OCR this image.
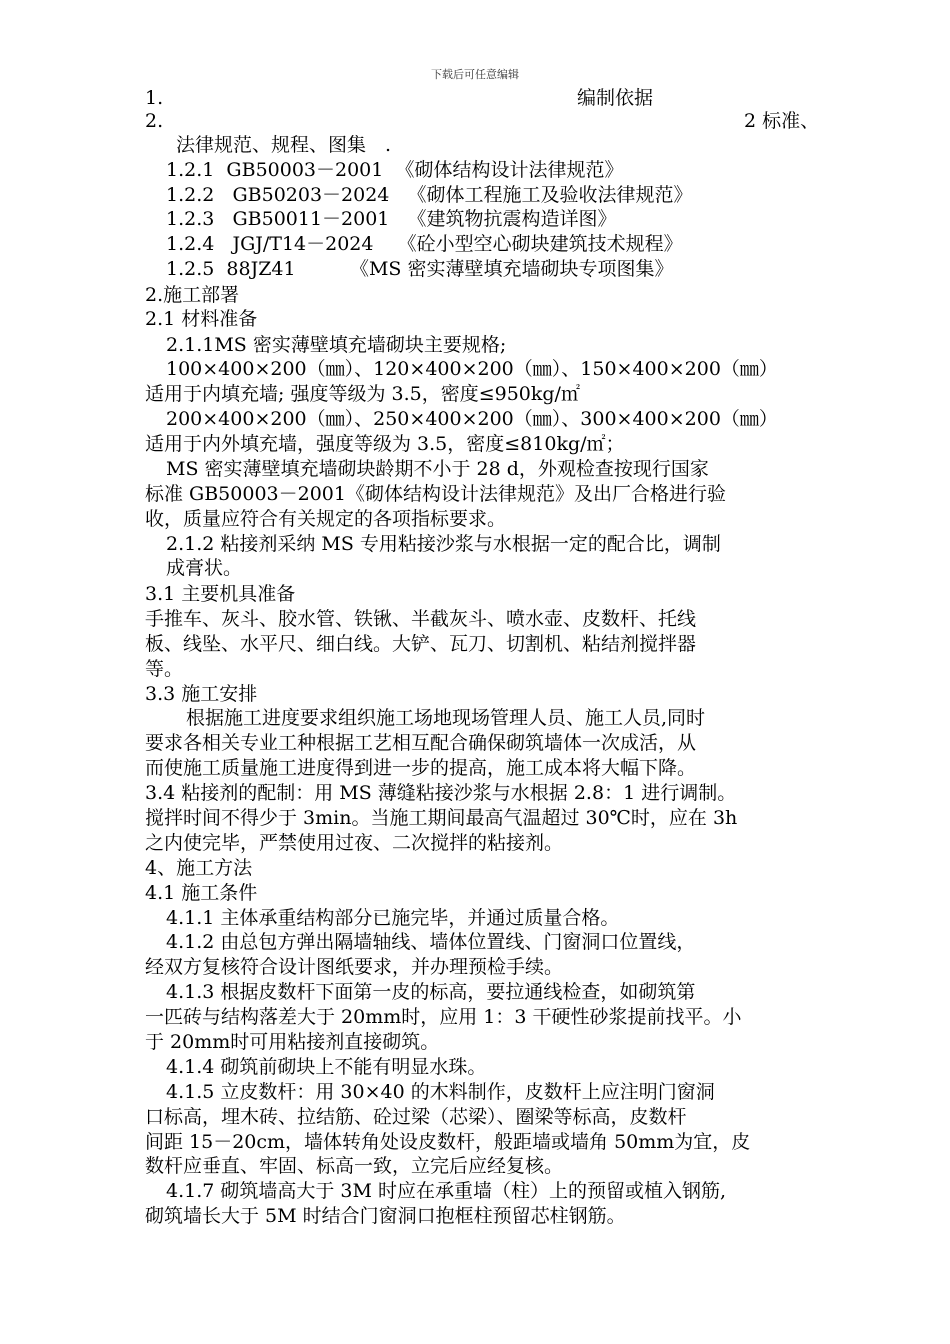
下载后可任意编辑
1.	编制依据
2.	2 标准、
法律规范、规程、图集　.
1.2.1  GB50003－2001  《砌体结构设计法律规范》
1.2.2   GB50203－2024   《砌体工程施工及验收法律规范》
1.2.3   GB50011－2001   《建筑物抗震构造详图》
1.2.4   JGJ/T14－2024    《砼小型空心砌块建筑技术规程》
1.2.5  88JZ41         《MS 密实薄壁填充墙砌块专项图集》
2.施工部署
2.1 材料准备
2.1.1MS 密实薄壁填充墙砌块主要规格;
100×400×200（㎜）、120×400×200（㎜）、150×400×200（㎜）
适用于内填充墙; 强度等级为 3.5，密度≤950kg/㎡
200×400×200（㎜）、250×400×200（㎜）、300×400×200（㎜）
适用于内外填充墙，强度等级为 3.5，密度≤810kg/㎡；
MS 密实薄壁填充墙砌块龄期不小于 28 d，外观检查按现行国家
标准 GB50003－2001《砌体结构设计法律规范》及出厂合格进行验
收，质量应符合有关规定的各项指标要求。
2.1.2 粘接剂采纳 MS 专用粘接沙浆与水根据一定的配合比，调制
成膏状。
3.1 主要机具准备
手推车、灰斗、胶水管、铁锹、半截灰斗、喷水壶、皮数杆、托线
板、线坠、水平尺、细白线。大铲、瓦刀、切割机、粘结剂搅拌器
等。
3.3 施工安排
根据施工进度要求组织施工场地现场管理人员、施工人员,同时
要求各相关专业工种根据工艺相互配合确保砌筑墙体一次成活，从
而使施工质量施工进度得到进一步的提高，施工成本将大幅下降。
3.4 粘接剂的配制：用 MS 薄缝粘接沙浆与水根据 2.8：1 进行调制。
搅拌时间不得少于 3min。当施工期间最高气温超过 30℃时，应在 3h
之内使完毕，严禁使用过夜、二次搅拌的粘接剂。
4、施工方法
4.1 施工条件
4.1.1 主体承重结构部分已施完毕，并通过质量合格。
4.1.2 由总包方弹出隔墙轴线、墙体位置线、门窗洞口位置线，
经双方复核符合设计图纸要求，并办理预检手续。
4.1.3 根据皮数杆下面第一皮的标高，要拉通线检查，如砌筑第
一匹砖与结构落差大于 20mm时，应用 1：3 干硬性砂浆提前找平。小
于 20mm时可用粘接剂直接砌筑。
4.1.4 砌筑前砌块上不能有明显水珠。
4.1.5 立皮数杆：用 30×40 的木料制作，皮数杆上应注明门窗洞
口标高，埋木砖、拉结筋、砼过梁（芯梁）、圈梁等标高，皮数杆
间距 15－20cm，墙体转角处设皮数杆，般距墙或墙角 50mm为宜，皮
数杆应垂直、牢固、标高一致，立完后应经复核。
4.1.7 砌筑墙高大于 3M 时应在承重墙（柱）上的预留或植入钢筋,
砌筑墙长大于 5M 时结合门窗洞口抱框柱预留芯柱钢筋。
